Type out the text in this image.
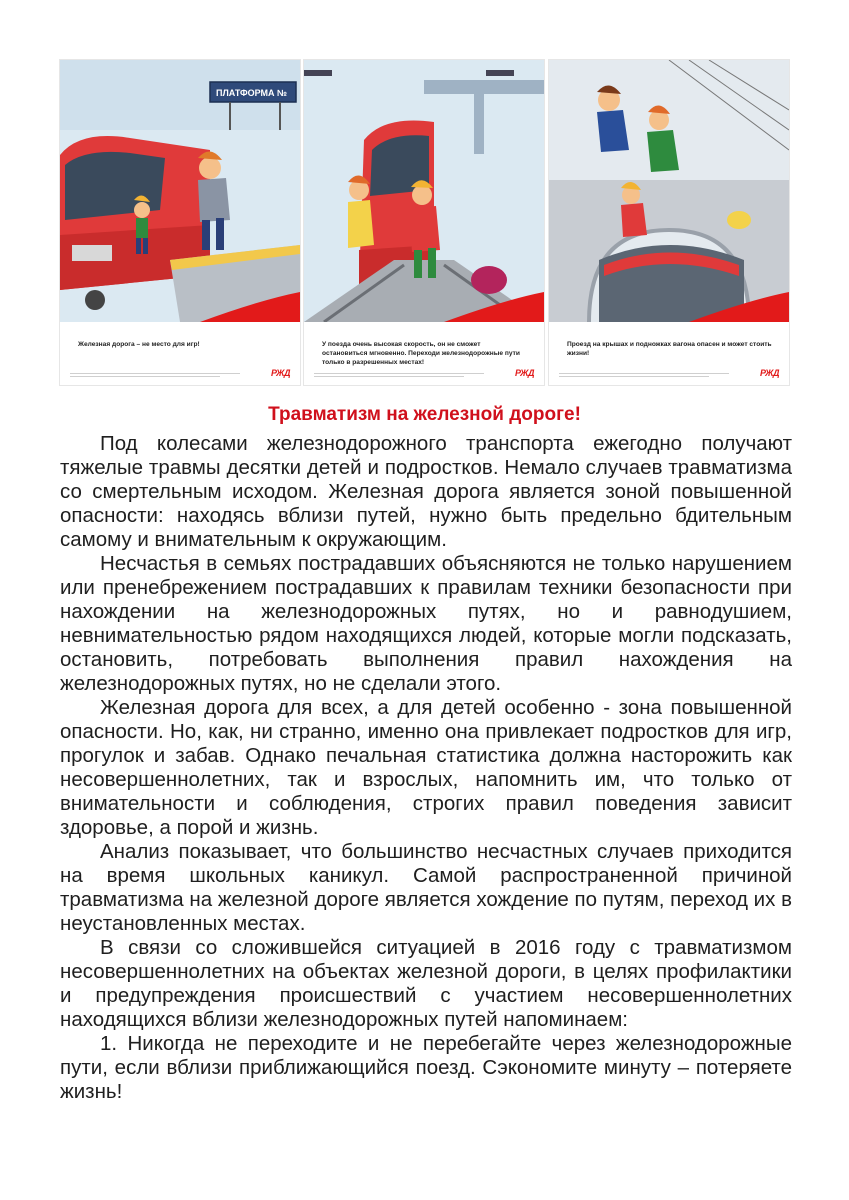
ПЛАТФОРМА №
Железная дорога – не место для игр!
РЖД
У поезда очень высокая скорость, он не сможет остановиться мгновенно. Переходи железнодорожные пути только в разрешенных местах!
РЖД
Проезд на крышах и подножках вагона опасен и может стоить жизни!
РЖД
Травматизм на железной дороге!

Под колесами железнодорожного транспорта ежегодно получают тяжелые травмы десятки детей и подростков. Немало случаев травматизма со смертельным исходом. Железная дорога является зоной повышенной опасности: находясь вблизи путей, нужно быть предельно бдительным самому и внимательным к окружающим.

Несчастья в семьях пострадавших объясняются не только нарушением или пренебрежением пострадавших к правилам техники безопасности при нахождении на железнодорожных путях, но и равнодушием, невнимательностью рядом находящихся людей, которые могли подсказать, остановить, потребовать выполнения правил нахождения на железнодорожных путях, но не сделали этого.

Железная дорога для всех, а для детей особенно - зона повышенной опасности. Но, как, ни странно, именно она привлекает подростков для игр, прогулок и забав. Однако печальная статистика должна насторожить как несовершеннолетних, так и взрослых, напомнить им, что только от внимательности и соблюдения, строгих правил поведения зависит здоровье, а порой и жизнь.

Анализ показывает, что большинство несчастных случаев приходится на время школьных каникул. Самой распространенной причиной травматизма на железной дороге является хождение по путям, переход их в неустановленных местах.

В связи со сложившейся ситуацией в 2016 году с травматизмом несовершеннолетних на объектах железной дороги, в целях профилактики и предупреждения происшествий с участием несовершеннолетних находящихся вблизи железнодорожных путей напоминаем:

1. Никогда не переходите и не перебегайте через железнодорожные пути, если вблизи приближающийся поезд. Сэкономите минуту – потеряете жизнь!
